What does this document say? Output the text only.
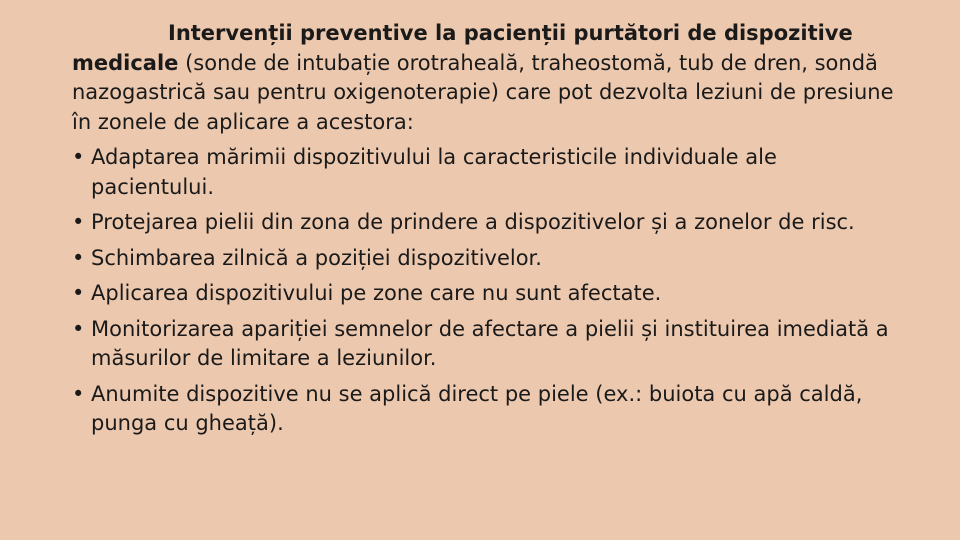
Intervenții preventive la pacienții purtători de dispozitive medicale (sonde de intubație orotraheală, traheostomă, tub de dren, sondă nazogastrică sau pentru oxigenoterapie) care pot dezvolta leziuni de presiune în zonele de aplicare a acestora:

• Adaptarea mărimii dispozitivului la caracteristicile individuale ale pacientului.
• Protejarea pielii din zona de prindere a dispozitivelor și a zonelor de risc.
• Schimbarea zilnică a poziției dispozitivelor.
• Aplicarea dispozitivului pe zone care nu sunt afectate.
• Monitorizarea apariției semnelor de afectare a pielii și instituirea imediată a măsurilor de limitare a leziunilor.
• Anumite dispozitive nu se aplică direct pe piele (ex.: buiota cu apă caldă, punga cu gheață).
